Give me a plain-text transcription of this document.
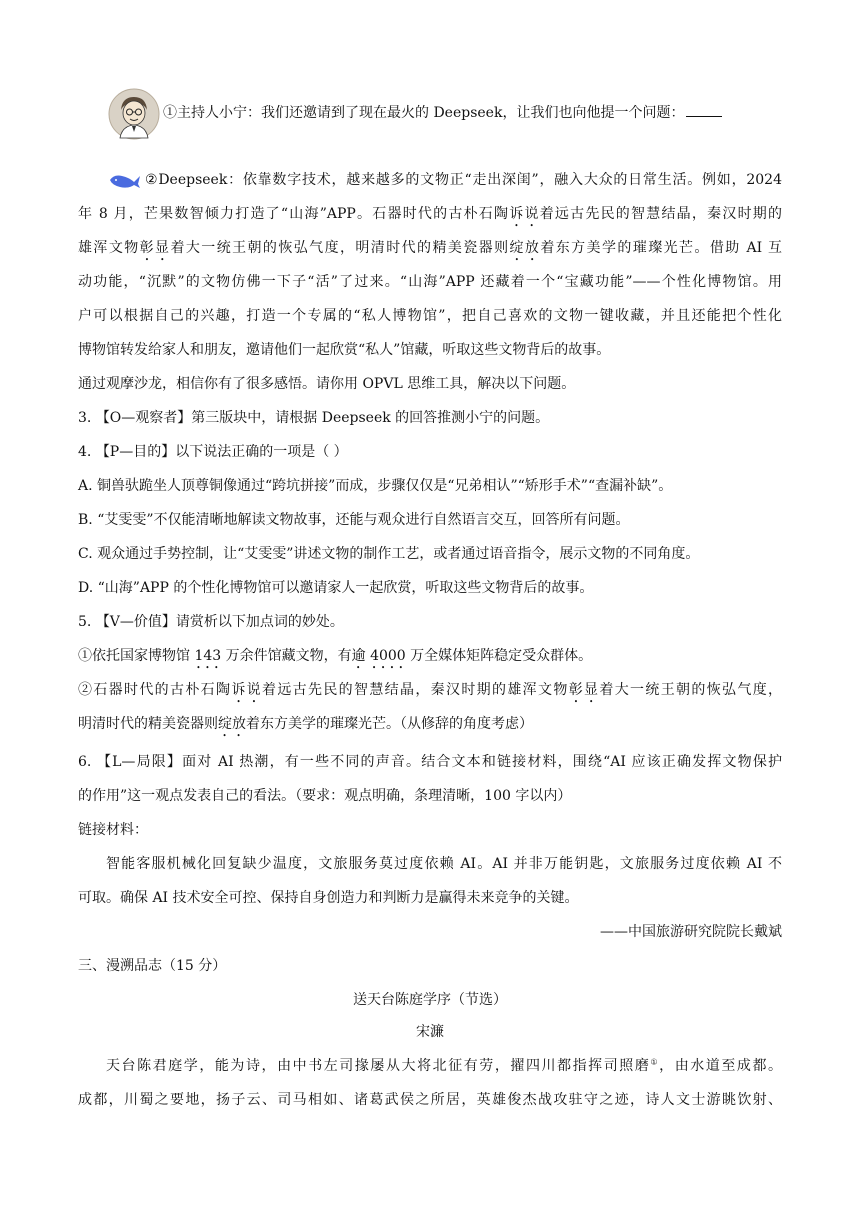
①主持人小宁：我们还邀请到了现在最火的 Deepseek，让我们也向他提一个问题：
②Deepseek：依靠数字技术，越来越多的文物正“走出深闺”，融入大众的日常生活。例如，2024
年 8 月，芒果数智倾力打造了“山海”APP。石器时代的古朴石陶诉说着远古先民的智慧结晶，秦汉时期的
雄浑文物彰显着大一统王朝的恢弘气度，明清时代的精美瓷器则绽放着东方美学的璀璨光芒。借助 AI 互
动功能，“沉默”的文物仿佛一下子“活”了过来。“山海”APP 还藏着一个“宝藏功能”——个性化博物馆。用
户可以根据自己的兴趣，打造一个专属的“私人博物馆”，把自己喜欢的文物一键收藏，并且还能把个性化
博物馆转发给家人和朋友，邀请他们一起欣赏“私人”馆藏，听取这些文物背后的故事。
通过观摩沙龙，相信你有了很多感悟。请你用 OPVL 思维工具，解决以下问题。
3. 【O—观察者】第三版块中，请根据 Deepseek 的回答推测小宁的问题。
4. 【P—目的】以下说法正确的一项是（ ）
A. 铜兽驮跪坐人顶尊铜像通过“跨坑拼接”而成，步骤仅仅是“兄弟相认”“矫形手术”“查漏补缺”。
B. “艾雯雯”不仅能清晰地解读文物故事，还能与观众进行自然语言交互，回答所有问题。
C. 观众通过手势控制，让“艾雯雯”讲述文物的制作工艺，或者通过语音指令，展示文物的不同角度。
D. “山海”APP 的个性化博物馆可以邀请家人一起欣赏，听取这些文物背后的故事。
5. 【V—价值】请赏析以下加点词的妙处。
①依托国家博物馆 143 万余件馆藏文物，有逾 4000 万全媒体矩阵稳定受众群体。
②石器时代的古朴石陶诉说着远古先民的智慧结晶，秦汉时期的雄浑文物彰显着大一统王朝的恢弘气度，
明清时代的精美瓷器则绽放着东方美学的璀璨光芒。（从修辞的角度考虑）
6. 【L—局限】面对 AI 热潮，有一些不同的声音。结合文本和链接材料，围绕“AI 应该正确发挥文物保护
的作用”这一观点发表自己的看法。（要求：观点明确，条理清晰，100 字以内）
链接材料：
智能客服机械化回复缺少温度，文旅服务莫过度依赖 AI。AI 并非万能钥匙，文旅服务过度依赖 AI 不
可取。确保 AI 技术安全可控、保持自身创造力和判断力是赢得未来竞争的关键。
——中国旅游研究院院长戴斌
三、漫溯品志（15 分）
送天台陈庭学序（节选）
宋濂
天台陈君庭学，能为诗，由中书左司掾屡从大将北征有劳，擢四川都指挥司照磨①，由水道至成都。
成都，川蜀之要地，扬子云、司马相如、诸葛武侯之所居，英雄俊杰战攻驻守之迹，诗人文士游眺饮射、
